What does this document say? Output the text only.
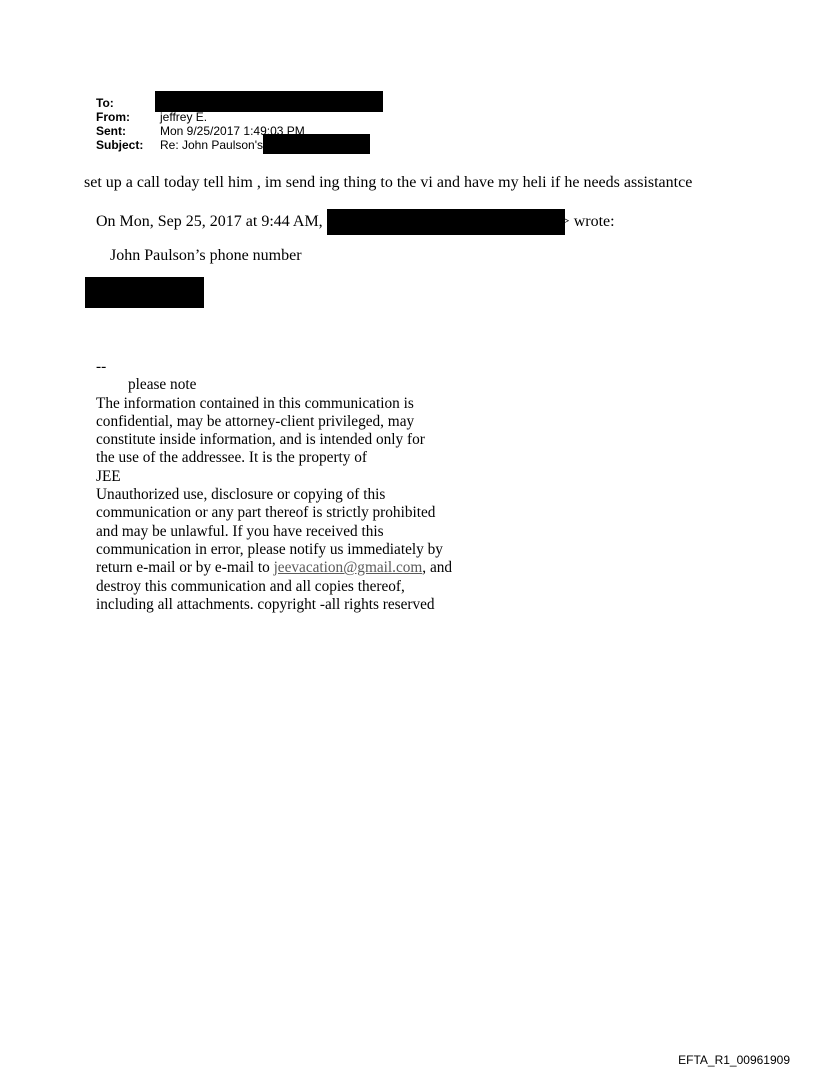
To:
From:	jeffrey E.
Sent:	Mon 9/25/2017 1:49:03 PM
Subject:	Re: John Paulson's
set up a call today tell him , im send ing thing to the vi and have my heli if he needs assistantce
On Mon, Sep 25, 2017 at 9:44 AM,	> wrote:
John Paulson’s phone number
--
please note
The information contained in this communication is
confidential, may be attorney-client privileged, may
constitute inside information, and is intended only for
the use of the addressee. It is the property of
JEE
Unauthorized use, disclosure or copying of this
communication or any part thereof is strictly prohibited
and may be unlawful. If you have received this
communication in error, please notify us immediately by
return e-mail or by e-mail to jeevacation@gmail.com, and
destroy this communication and all copies thereof,
including all attachments. copyright -all rights reserved
EFTA_R1_00961909
